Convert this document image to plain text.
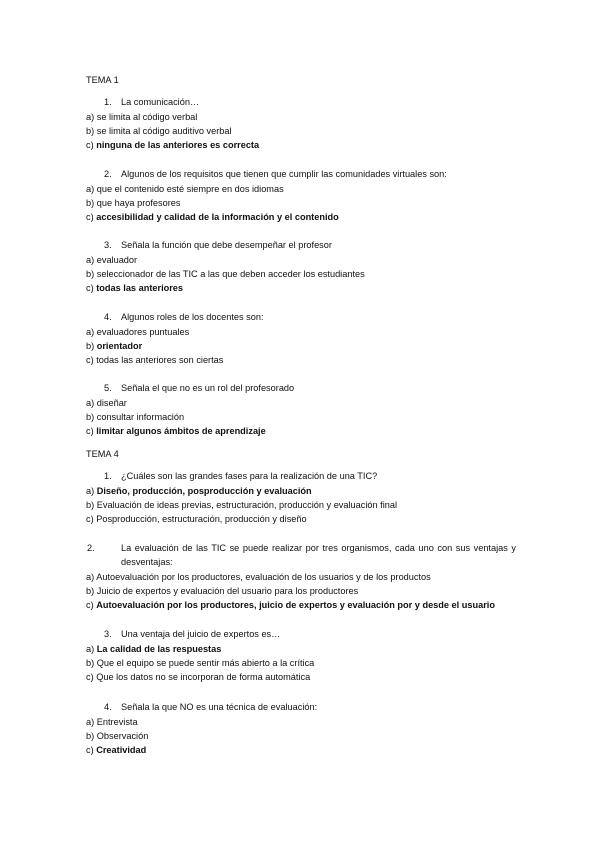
TEMA 1
1. La comunicación…
a) se limita al código verbal
b) se limita al código auditivo verbal
c) ninguna de las anteriores es correcta
2. Algunos de los requisitos que tienen que cumplir las comunidades virtuales son:
a) que el contenido esté siempre en dos idiomas
b) que haya profesores
c) accesibilidad y calidad de la información y el contenido
3. Señala la función que debe desempeñar el profesor
a) evaluador
b) seleccionador de las TIC a las que deben acceder los estudiantes
c) todas las anteriores
4. Algunos roles de los docentes son:
a) evaluadores puntuales
b) orientador
c) todas las anteriores son ciertas
5. Señala el que no es un rol del profesorado
a) diseñar
b) consultar información
c) limitar algunos ámbitos de aprendizaje
TEMA 4
1. ¿Cuáles son las grandes fases para la realización de una TIC?
a) Diseño, producción, posproducción y evaluación
b) Evaluación de ideas previas, estructuración, producción y evaluación final
c) Posproducción, estructuración, producción y diseño
2.	La evaluación de las TIC se puede realizar por tres organismos, cada uno con sus ventajas y desventajas:
a) Autoevaluación por los productores, evaluación de los usuarios y de los productos
b) Juicio de expertos y evaluación del usuario para los productores
c) Autoevaluación por los productores, juicio de expertos y evaluación por y desde el usuario
3. Una ventaja del juicio de expertos es…
a) La calidad de las respuestas
b) Que el equipo se puede sentir más abierto a la crítica
c) Que los datos no se incorporan de forma automática
4. Señala la que NO es una técnica de evaluación:
a) Entrevista
b) Observación
c) Creatividad
